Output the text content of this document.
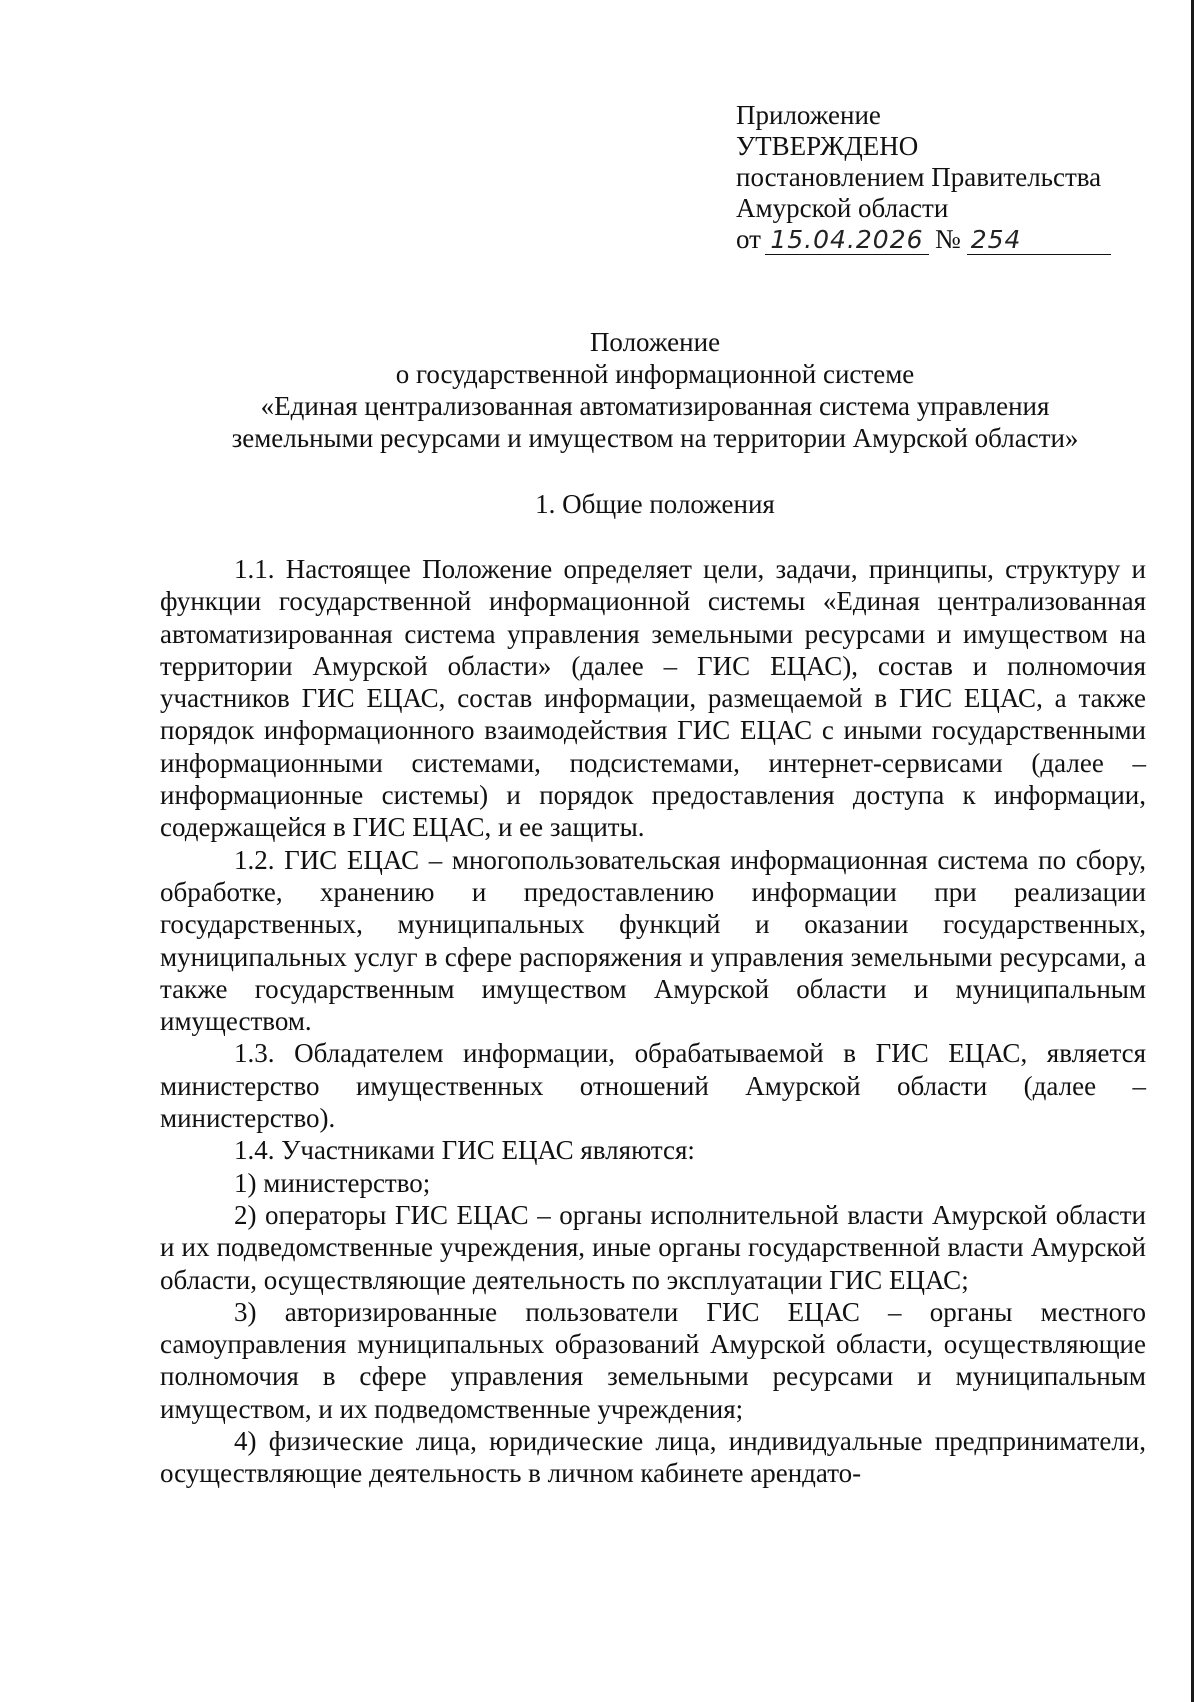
Приложение
УТВЕРЖДЕНО
постановлением Правительства
Амурской области
от 15.04.2026 № 254
Положение
о государственной информационной системе
«Единая централизованная автоматизированная система управления
земельными ресурсами и имуществом на территории Амурской области»
1. Общие положения

1.1. Настоящее Положение определяет цели, задачи, принципы, структуру и функции государственной информационной системы «Единая централизованная автоматизированная система управления земельными ресурсами и имуществом на территории Амурской области» (далее – ГИС ЕЦАС), состав и полномочия участников ГИС ЕЦАС, состав информации, размещаемой в ГИС ЕЦАС, а также порядок информационного взаимодействия ГИС ЕЦАС с иными государственными информационными системами, подсистемами, интернет-сервисами (далее – информационные системы) и порядок предоставления доступа к информации, содержащейся в ГИС ЕЦАС, и ее защиты.

1.2. ГИС ЕЦАС – многопользовательская информационная система по сбору, обработке, хранению и предоставлению информации при реализации государственных, муниципальных функций и оказании государственных, муниципальных услуг в сфере распоряжения и управления земельными ресурсами, а также государственным имуществом Амурской области и муниципальным имуществом.

1.3. Обладателем информации, обрабатываемой в ГИС ЕЦАС, является министерство имущественных отношений Амурской области (далее – министерство).

1.4. Участниками ГИС ЕЦАС являются:

1) министерство;

2) операторы ГИС ЕЦАС – органы исполнительной власти Амурской области и их подведомственные учреждения, иные органы государственной власти Амурской области, осуществляющие деятельность по эксплуатации ГИС ЕЦАС;

3) авторизированные пользователи ГИС ЕЦАС – органы местного самоуправления муниципальных образований Амурской области, осуществляющие полномочия в сфере управления земельными ресурсами и муниципальным имуществом, и их подведомственные учреждения;

4) физические лица, юридические лица, индивидуальные предприниматели, осуществляющие деятельность в личном кабинете арендато-
